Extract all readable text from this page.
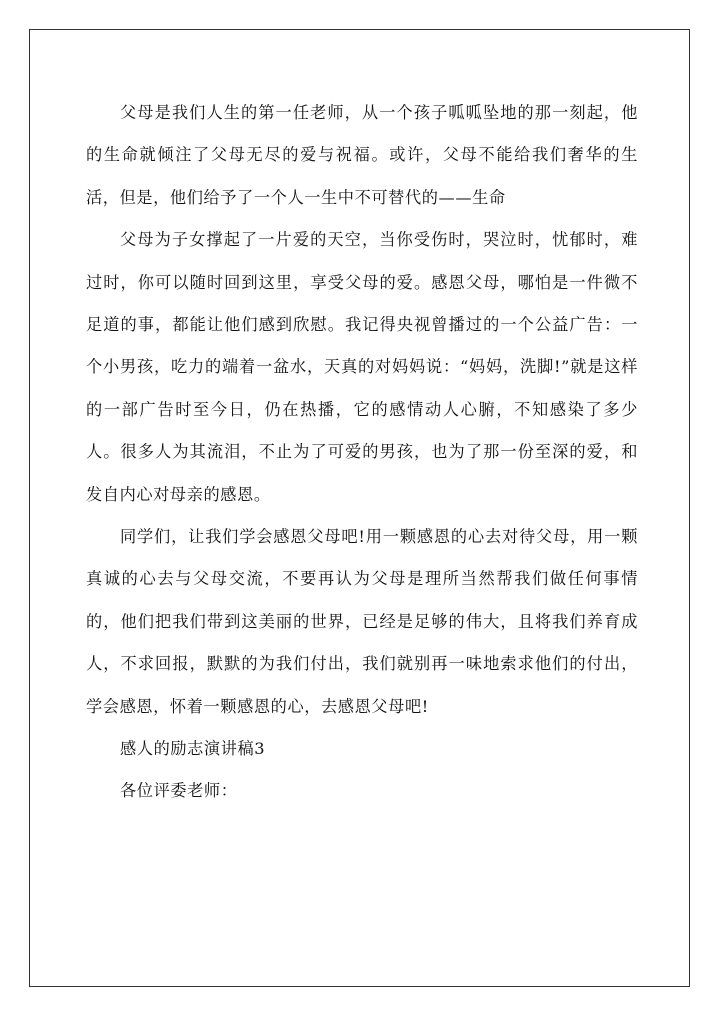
父母是我们人生的第一任老师，从一个孩子呱呱坠地的那一刻起，他的生命就倾注了父母无尽的爱与祝福。或许，父母不能给我们奢华的生活，但是，他们给予了一个人一生中不可替代的——生命

父母为子女撑起了一片爱的天空，当你受伤时，哭泣时，忧郁时，难过时，你可以随时回到这里，享受父母的爱。感恩父母，哪怕是一件微不足道的事，都能让他们感到欣慰。我记得央视曾播过的一个公益广告：一个小男孩，吃力的端着一盆水，天真的对妈妈说：“妈妈，洗脚!”就是这样的一部广告时至今日，仍在热播，它的感情动人心腑，不知感染了多少人。很多人为其流泪，不止为了可爱的男孩，也为了那一份至深的爱，和发自内心对母亲的感恩。

同学们，让我们学会感恩父母吧!用一颗感恩的心去对待父母，用一颗真诚的心去与父母交流，不要再认为父母是理所当然帮我们做任何事情的，他们把我们带到这美丽的世界，已经是足够的伟大，且将我们养育成人，不求回报，默默的为我们付出，我们就别再一味地索求他们的付出，学会感恩，怀着一颗感恩的心，去感恩父母吧!

感人的励志演讲稿3

各位评委老师：
